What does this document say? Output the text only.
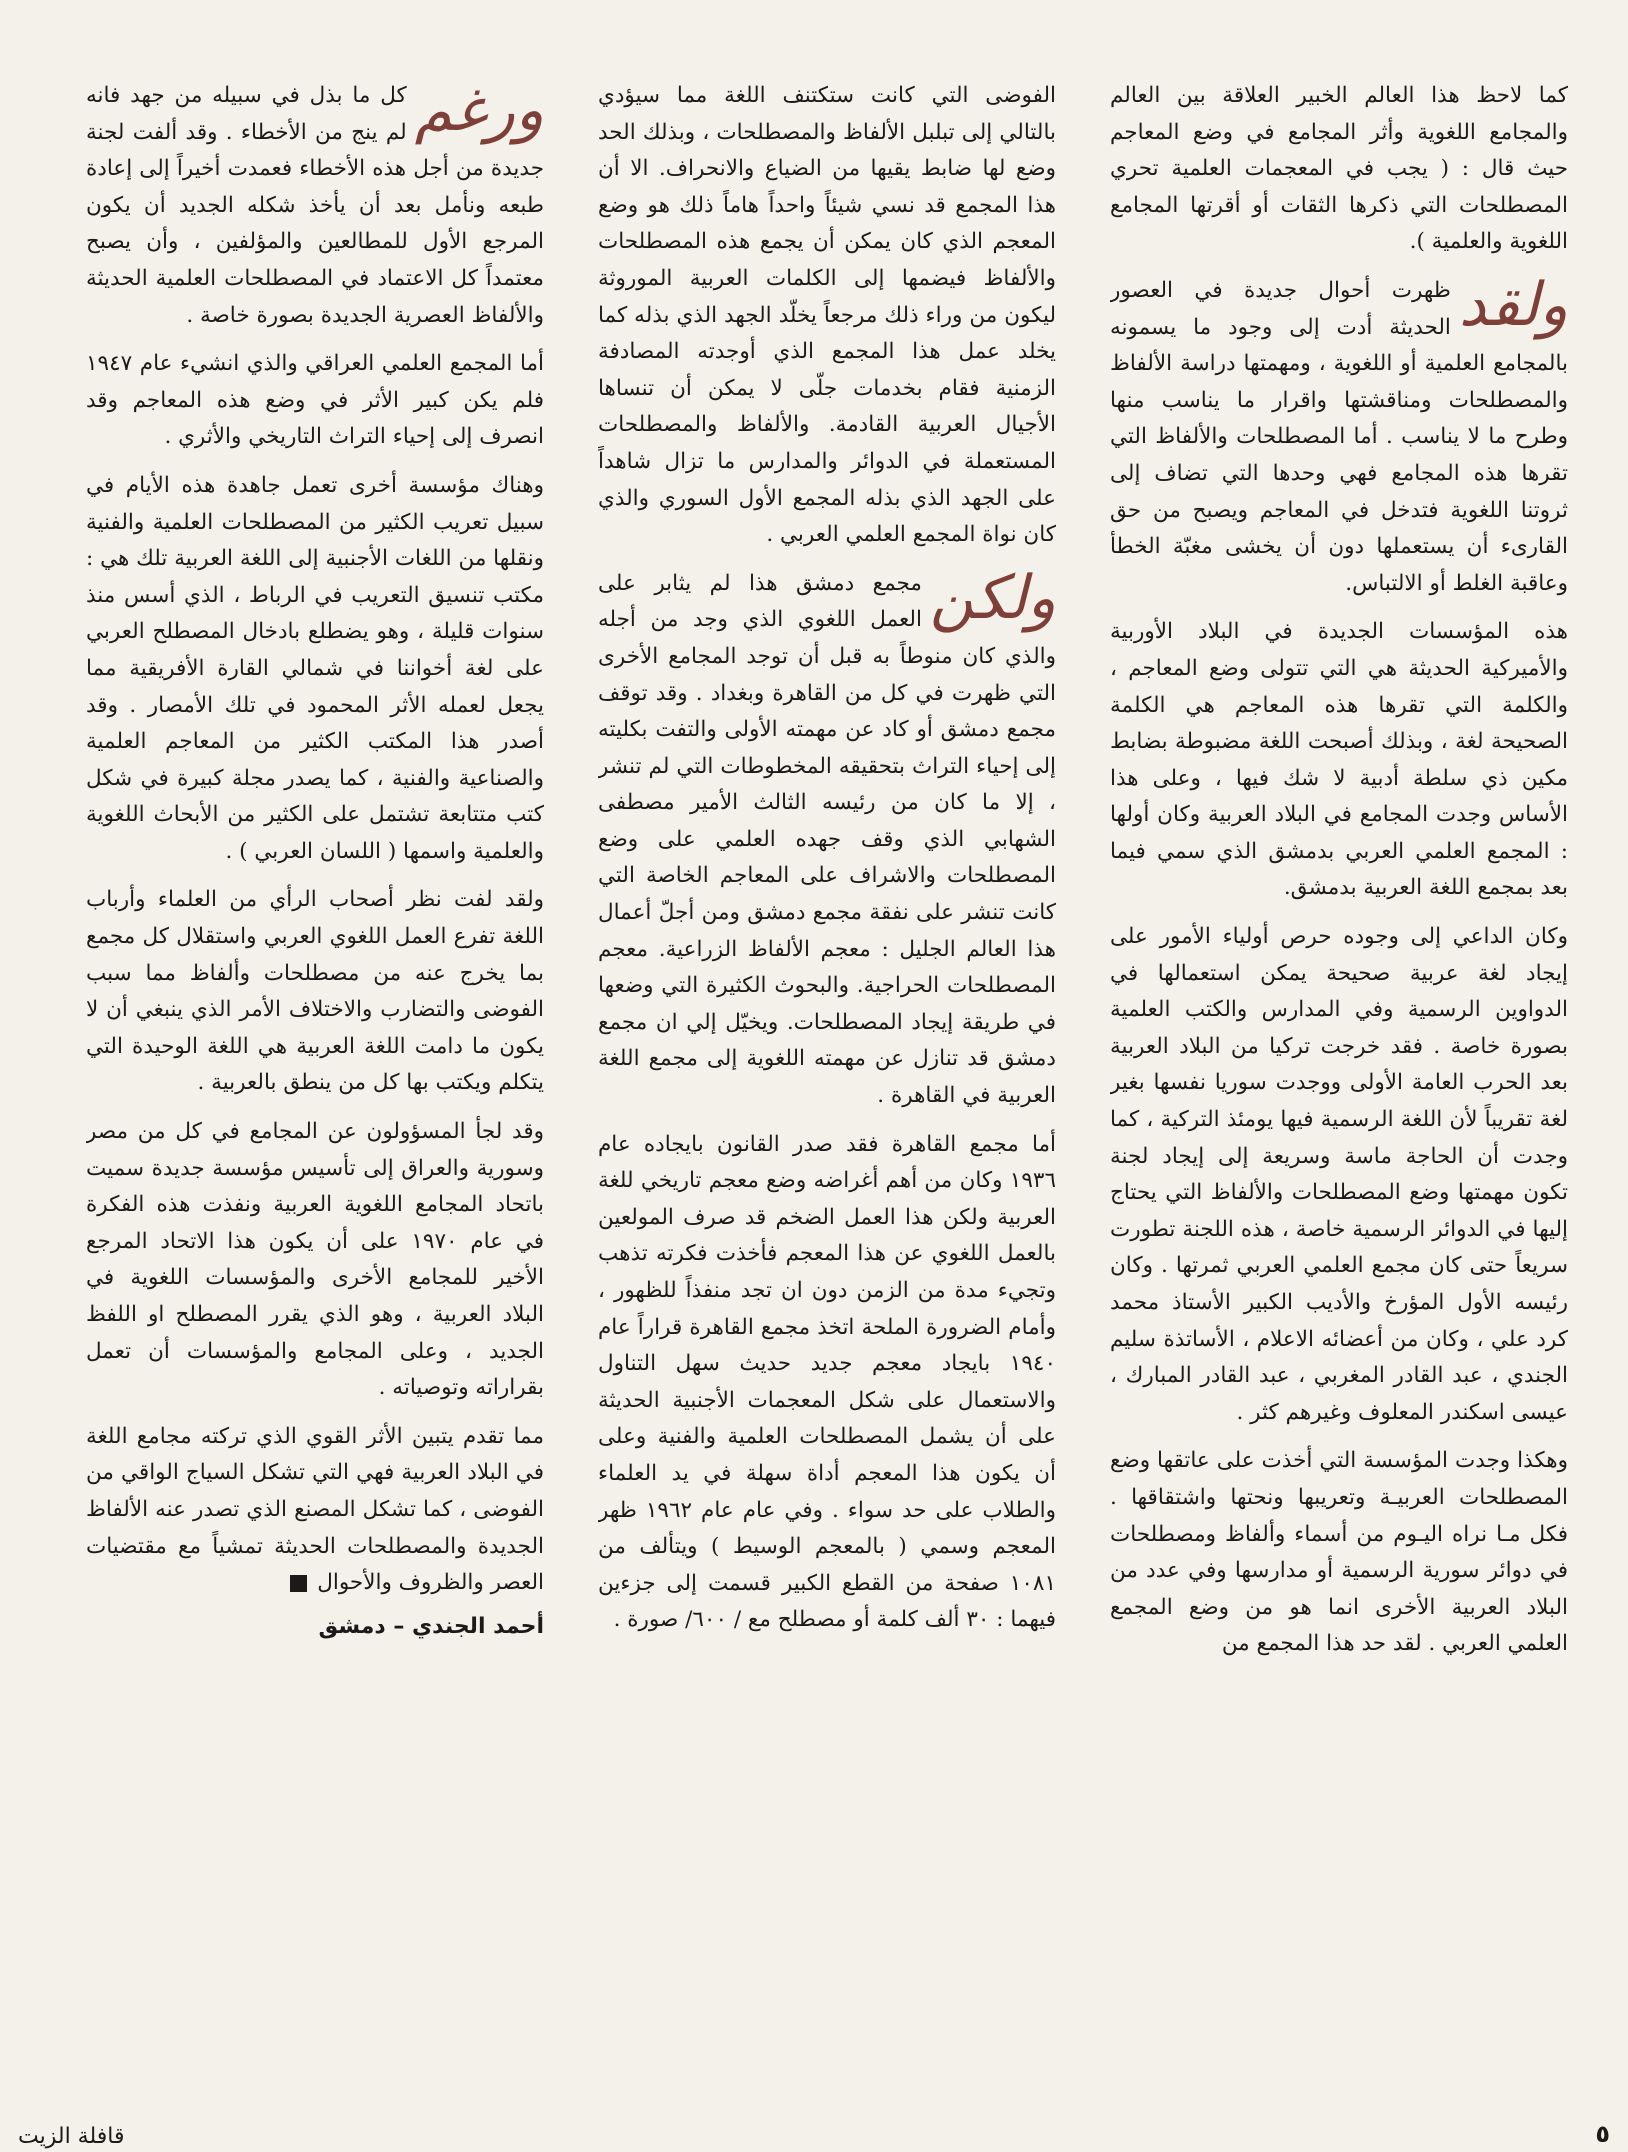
كما لاحظ هذا العالم الخبير العلاقة بين العالم والمجامع اللغوية وأثر المجامع في وضع المعاجم حيث قال : ( يجب في المعجمات العلمية تحري المصطلحات التي ذكرها الثقات أو أقرتها المجامع اللغوية والعلمية ).

ولقد
ظهرت أحوال جديدة في العصور الحديثة أدت إلى وجود ما يسمونه بالمجامع العلمية أو اللغوية ، ومهمتها دراسة الألفاظ والمصطلحات ومناقشتها واقرار ما يناسب منها وطرح ما لا يناسب . أما المصطلحات والألفاظ التي تقرها هذه المجامع فهي وحدها التي تضاف إلى ثروتنا اللغوية فتدخل في المعاجم ويصبح من حق القارىء أن يستعملها دون أن يخشى مغبّة الخطأ وعاقبة الغلط أو الالتباس.

هذه المؤسسات الجديدة في البلاد الأوربية والأميركية الحديثة هي التي تتولى وضع المعاجم ، والكلمة التي تقرها هذه المعاجم هي الكلمة الصحيحة لغة ، وبذلك أصبحت اللغة مضبوطة بضابط مكين ذي سلطة أدبية لا شك فيها ، وعلى هذا الأساس وجدت المجامع في البلاد العربية وكان أولها : المجمع العلمي العربي بدمشق الذي سمي فيما بعد بمجمع اللغة العربية بدمشق.

وكان الداعي إلى وجوده حرص أولياء الأمور على إيجاد لغة عربية صحيحة يمكن استعمالها في الدواوين الرسمية وفي المدارس والكتب العلمية بصورة خاصة . فقد خرجت تركيا من البلاد العربية بعد الحرب العامة الأولى ووجدت سوريا نفسها بغير لغة تقريباً لأن اللغة الرسمية فيها يومئذ التركية ، كما وجدت أن الحاجة ماسة وسريعة إلى إيجاد لجنة تكون مهمتها وضع المصطلحات والألفاظ التي يحتاج إليها في الدوائر الرسمية خاصة ، هذه اللجنة تطورت سريعاً حتى كان مجمع العلمي العربي ثمرتها . وكان رئيسه الأول المؤرخ والأديب الكبير الأستاذ محمد كرد علي ، وكان من أعضائه الاعلام ، الأساتذة سليم الجندي ، عبد القادر المغربي ، عبد القادر المبارك ، عيسى اسكندر المعلوف وغيرهم كثر .

وهكذا وجدت المؤسسة التي أخذت على عاتقها وضع المصطلحات العربيـة وتعريبها ونحتها واشتقاقها . فكل مـا نراه اليـوم من أسماء وألفاظ ومصطلحات في دوائر سورية الرسمية أو مدارسها وفي عدد من البلاد العربية الأخرى انما هو من وضع المجمع العلمي العربي . لقد حد هذا المجمع من

الفوضى التي كانت ستكتنف اللغة مما سيؤدي بالتالي إلى تبلبل الألفاظ والمصطلحات ، وبذلك الحد وضع لها ضابط يقيها من الضياع والانحراف. الا أن هذا المجمع قد نسي شيئاً واحداً هاماً ذلك هو وضع المعجم الذي كان يمكن أن يجمع هذه المصطلحات والألفاظ فيضمها إلى الكلمات العربية الموروثة ليكون من وراء ذلك مرجعاً يخلّد الجهد الذي بذله كما يخلد عمل هذا المجمع الذي أوجدته المصادفة الزمنية فقام بخدمات جلّى لا يمكن أن تنساها الأجيال العربية القادمة. والألفاظ والمصطلحات المستعملة في الدوائر والمدارس ما تزال شاهداً على الجهد الذي بذله المجمع الأول السوري والذي كان نواة المجمع العلمي العربي .

ولكن
مجمع دمشق هذا لم يثابر على العمل اللغوي الذي وجد من أجله والذي كان منوطاً به قبل أن توجد المجامع الأخرى التي ظهرت في كل من القاهرة وبغداد . وقد توقف مجمع دمشق أو كاد عن مهمته الأولى والتفت بكليته إلى إحياء التراث بتحقيقه المخطوطات التي لم تنشر ، إلا ما كان من رئيسه الثالث الأمير مصطفى الشهابي الذي وقف جهده العلمي على وضع المصطلحات والاشراف على المعاجم الخاصة التي كانت تنشر على نفقة مجمع دمشق ومن أجلّ أعمال هذا العالم الجليل : معجم الألفاظ الزراعية. معجم المصطلحات الحراجية. والبحوث الكثيرة التي وضعها في طريقة إيجاد المصطلحات. ويخيّل إلي ان مجمع دمشق قد تنازل عن مهمته اللغوية إلى مجمع اللغة العربية في القاهرة .

أما مجمع القاهرة فقد صدر القانون بايجاده عام ١٩٣٦ وكان من أهم أغراضه وضع معجم تاريخي للغة العربية ولكن هذا العمل الضخم قد صرف المولعين بالعمل اللغوي عن هذا المعجم فأخذت فكرته تذهب وتجيء مدة من الزمن دون ان تجد منفذاً للظهور ، وأمام الضرورة الملحة اتخذ مجمع القاهرة قراراً عام ١٩٤٠ بايجاد معجم جديد حديث سهل التناول والاستعمال على شكل المعجمات الأجنبية الحديثة على أن يشمل المصطلحات العلمية والفنية وعلى أن يكون هذا المعجم أداة سهلة في يد العلماء والطلاب على حد سواء . وفي عام عام ١٩٦٢ ظهر المعجم وسمي ( بالمعجم الوسيط ) ويتألف من ١٠٨١ صفحة من القطع الكبير قسمت إلى جزءين فيهما : ٣٠ ألف كلمة أو مصطلح مع / ٦٠٠/ صورة .

ورغم
كل ما بذل في سبيله من جهد فانه لم ينج من الأخطاء . وقد ألفت لجنة جديدة من أجل هذه الأخطاء فعمدت أخيراً إلى إعادة طبعه ونأمل بعد أن يأخذ شكله الجديد أن يكون المرجع الأول للمطالعين والمؤلفين ، وأن يصبح معتمداً كل الاعتماد في المصطلحات العلمية الحديثة والألفاظ العصرية الجديدة بصورة خاصة .

أما المجمع العلمي العراقي والذي انشيء عام ١٩٤٧ فلم يكن كبير الأثر في وضع هذه المعاجم وقد انصرف إلى إحياء التراث التاريخي والأثري .

وهناك مؤسسة أخرى تعمل جاهدة هذه الأيام في سبيل تعريب الكثير من المصطلحات العلمية والفنية ونقلها من اللغات الأجنبية إلى اللغة العربية تلك هي : مكتب تنسيق التعريب في الرباط ، الذي أسس منذ سنوات قليلة ، وهو يضطلع بادخال المصطلح العربي على لغة أخواننا في شمالي القارة الأفريقية مما يجعل لعمله الأثر المحمود في تلك الأمصار . وقد أصدر هذا المكتب الكثير من المعاجم العلمية والصناعية والفنية ، كما يصدر مجلة كبيرة في شكل كتب متتابعة تشتمل على الكثير من الأبحاث اللغوية والعلمية واسمها ( اللسان العربي ) .

ولقد لفت نظر أصحاب الرأي من العلماء وأرباب اللغة تفرع العمل اللغوي العربي واستقلال كل مجمع بما يخرج عنه من مصطلحات وألفاظ مما سبب الفوضى والتضارب والاختلاف الأمر الذي ينبغي أن لا يكون ما دامت اللغة العربية هي اللغة الوحيدة التي يتكلم ويكتب بها كل من ينطق بالعربية .

وقد لجأ المسؤولون عن المجامع في كل من مصر وسورية والعراق إلى تأسيس مؤسسة جديدة سميت باتحاد المجامع اللغوية العربية ونفذت هذه الفكرة في عام ١٩٧٠ على أن يكون هذا الاتحاد المرجع الأخير للمجامع الأخرى والمؤسسات اللغوية في البلاد العربية ، وهو الذي يقرر المصطلح او اللفظ الجديد ، وعلى المجامع والمؤسسات أن تعمل بقراراته وتوصياته .

مما تقدم يتبين الأثر القوي الذي تركته مجامع اللغة في البلاد العربية فهي التي تشكل السياج الواقي من الفوضى ، كما تشكل المصنع الذي تصدر عنه الألفاظ الجديدة والمصطلحات الحديثة تمشياً مع مقتضيات العصر والظروف والأحوال

أحمد الجندي – دمشق
قافلة الزيت	٥
